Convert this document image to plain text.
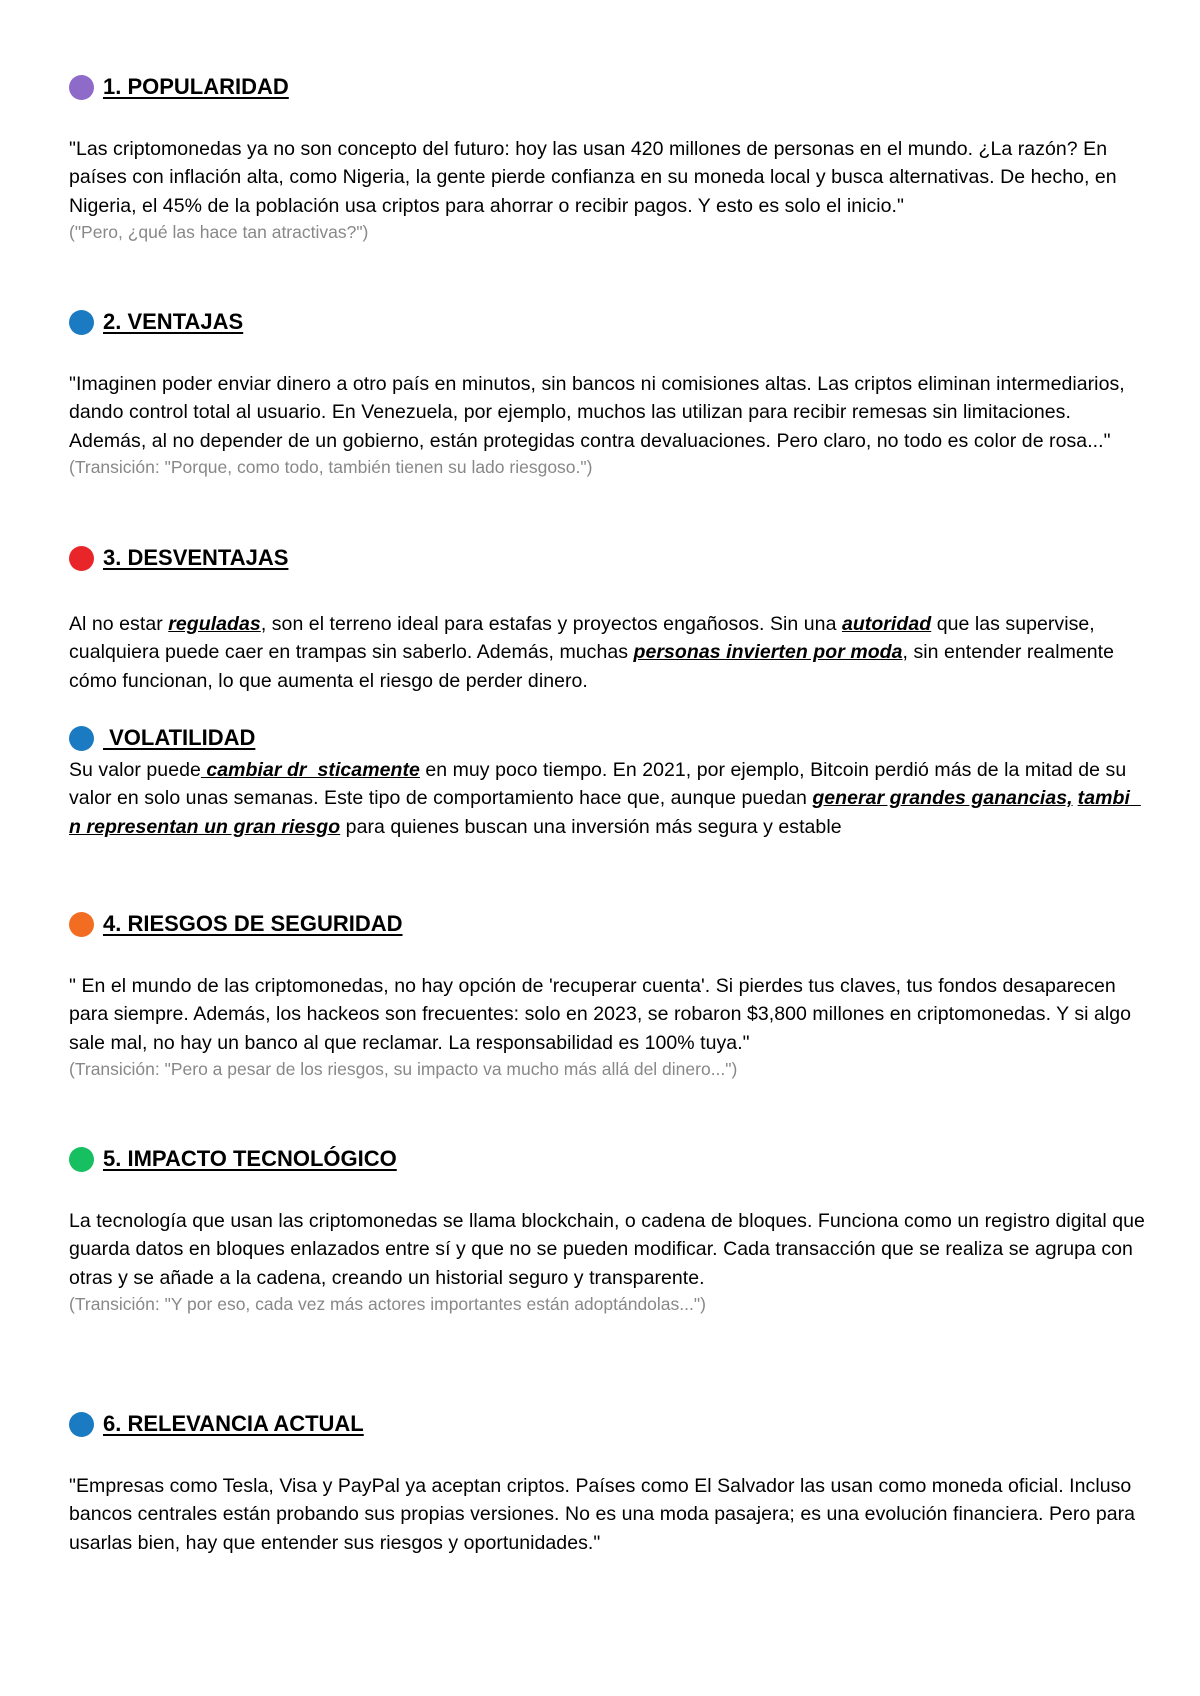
1. POPULARIDAD

"Las criptomonedas ya no son concepto del futuro: hoy las usan 420 millones de personas en el mundo. ¿La razón? En países con inflación alta, como Nigeria, la gente pierde confianza en su moneda local y busca alternativas. De hecho, en Nigeria, el 45% de la población usa criptos para ahorrar o recibir pagos. Y esto es solo el inicio."

("Pero, ¿qué las hace tan atractivas?")

2. VENTAJAS

"Imaginen poder enviar dinero a otro país en minutos, sin bancos ni comisiones altas. Las criptos eliminan intermediarios, dando control total al usuario. En Venezuela, por ejemplo, muchos las utilizan para recibir remesas sin limitaciones. Además, al no depender de un gobierno, están protegidas contra devaluaciones. Pero claro, no todo es color de rosa..."

(Transición: "Porque, como todo, también tienen su lado riesgoso.")

3. DESVENTAJAS

Al no estar reguladas, son el terreno ideal para estafas y proyectos engañosos. Sin una autoridad que las supervise, cualquiera puede caer en trampas sin saberlo. Además, muchas personas invierten por moda, sin entender realmente cómo funcionan, lo que aumenta el riesgo de perder dinero.

VOLATILIDAD

Su valor puede cambiar dr  sticamente en muy poco tiempo. En 2021, por ejemplo, Bitcoin perdió más de la mitad de su valor en solo unas semanas. Este tipo de comportamiento hace que, aunque puedan generar grandes ganancias, tambi  n representan un gran riesgo para quienes buscan una inversión más segura y estable

4. RIESGOS DE SEGURIDAD

" En el mundo de las criptomonedas, no hay opción de 'recuperar cuenta'. Si pierdes tus claves, tus fondos desaparecen para siempre. Además, los hackeos son frecuentes: solo en 2023, se robaron $3,800 millones en criptomonedas. Y si algo sale mal, no hay un banco al que reclamar. La responsabilidad es 100% tuya."

(Transición: "Pero a pesar de los riesgos, su impacto va mucho más allá del dinero...")

5. IMPACTO TECNOLÓGICO

La tecnología que usan las criptomonedas se llama blockchain, o cadena de bloques. Funciona como un registro digital que guarda datos en bloques enlazados entre sí y que no se pueden modificar. Cada transacción que se realiza se agrupa con otras y se añade a la cadena, creando un historial seguro y transparente.

(Transición: "Y por eso, cada vez más actores importantes están adoptándolas...")

6. RELEVANCIA ACTUAL

"Empresas como Tesla, Visa y PayPal ya aceptan criptos. Países como El Salvador las usan como moneda oficial. Incluso bancos centrales están probando sus propias versiones. No es una moda pasajera; es una evolución financiera. Pero para usarlas bien, hay que entender sus riesgos y oportunidades."
